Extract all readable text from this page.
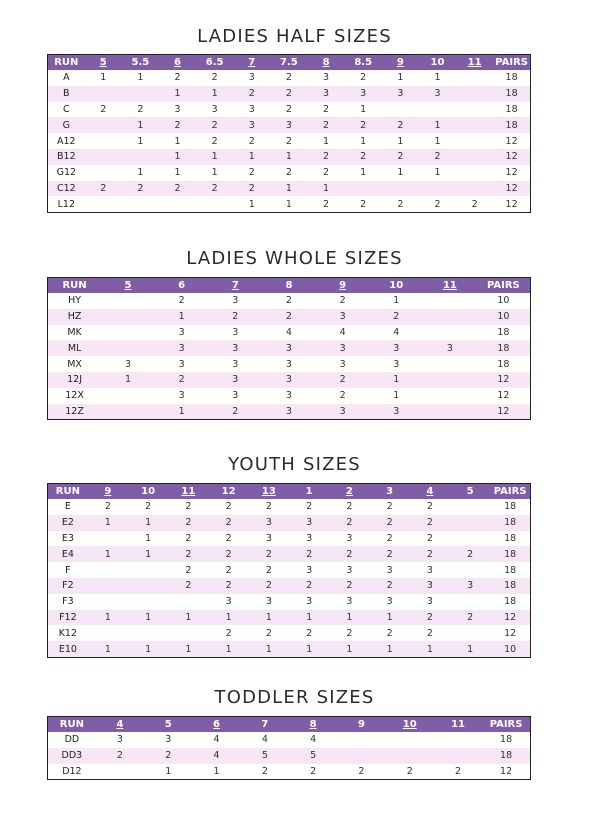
LADIES HALF SIZES
RUN	5	5.5	6	6.5	7	7.5	8	8.5	9	10	11	PAIRS
A	1	1	2	2	3	2	3	2	1	1		18
B			1	1	2	2	3	3	3	3		18
C	2	2	3	3	3	2	2	1				18
G		1	2	2	3	3	2	2	2	1		18
A12		1	1	2	2	2	1	1	1	1		12
B12			1	1	1	1	2	2	2	2		12
G12		1	1	1	2	2	2	1	1	1		12
C12	2	2	2	2	2	1	1					12
L12					1	1	2	2	2	2	2	12
LADIES WHOLE SIZES
RUN	5	6	7	8	9	10	11	PAIRS
HY		2	3	2	2	1		10
HZ		1	2	2	3	2		10
MK		3	3	4	4	4		18
ML		3	3	3	3	3	3	18
MX	3	3	3	3	3	3		18
12J	1	2	3	3	2	1		12
12X		3	3	3	2	1		12
12Z		1	2	3	3	3		12
YOUTH SIZES
RUN	9	10	11	12	13	1	2	3	4	5	PAIRS
E	2	2	2	2	2	2	2	2	2		18
E2	1	1	2	2	3	3	2	2	2		18
E3		1	2	2	3	3	3	2	2		18
E4	1	1	2	2	2	2	2	2	2	2	18
F			2	2	2	3	3	3	3		18
F2			2	2	2	2	2	2	3	3	18
F3				3	3	3	3	3	3		18
F12	1	1	1	1	1	1	1	1	2	2	12
K12				2	2	2	2	2	2		12
E10	1	1	1	1	1	1	1	1	1	1	10
TODDLER SIZES
RUN	4	5	6	7	8	9	10	11	PAIRS
DD	3	3	4	4	4				18
DD3	2	2	4	5	5				18
D12		1	1	2	2	2	2	2	12
